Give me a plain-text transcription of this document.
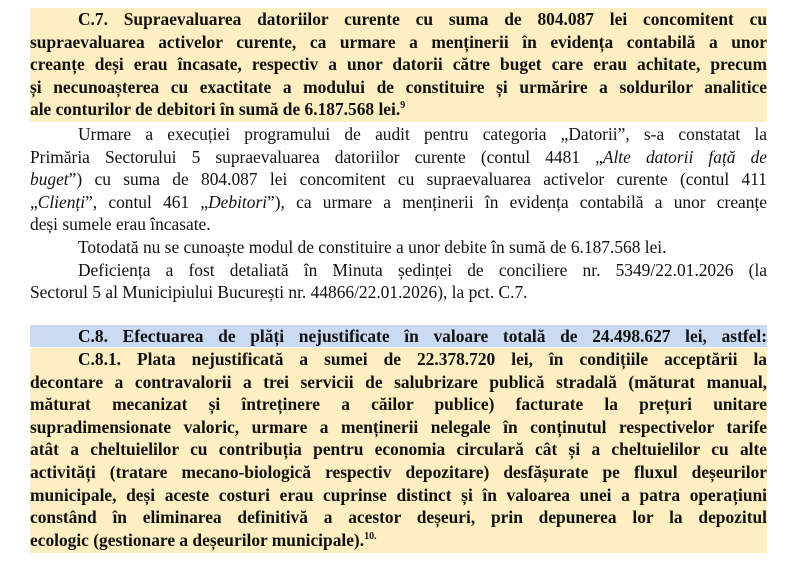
C.7. Supraevaluarea datoriilor curente cu suma de 804.087 lei concomitent cu
supraevaluarea activelor curente, ca urmare a menținerii în evidența contabilă a unor
creanțe deși erau încasate, respectiv a unor datorii către buget care erau achitate, precum
și necunoașterea cu exactitate a modului de constituire și urmărire a soldurilor analitice
ale conturilor de debitori în sumă de 6.187.568 lei.$^9$
Urmare a execuției programului de audit pentru categoria „Datorii”, s-a constatat la
Primăria Sectorului 5 supraevaluarea datoriilor curente (contul 4481 „Alte datorii față de
buget”) cu suma de 804.087 lei concomitent cu supraevaluarea activelor curente (contul 411
„Clienți”, contul 461 „Debitori”), ca urmare a menținerii în evidența contabilă a unor creanțe
deși sumele erau încasate.
Totodată nu se cunoaște modul de constituire a unor debite în sumă de 6.187.568 lei.
Deficiența a fost detaliată în Minuta ședinței de conciliere nr. 5349/22.01.2026 (la
Sectorul 5 al Municipiului București nr. 44866/22.01.2026), la pct. C.7.
C.8. Efectuarea de plăți nejustificate în valoare totală de 24.498.627 lei, astfel:
C.8.1. Plata nejustificată a sumei de 22.378.720 lei, în condițiile acceptării la
decontare a contravalorii a trei servicii de salubrizare publică stradală (măturat manual,
măturat mecanizat și întreținere a căilor publice) facturate la prețuri unitare
supradimensionate valoric, urmare a menținerii nelegale în conținutul respectivelor tarife
atât a cheltuielilor cu contribuția pentru economia circulară cât și a cheltuielilor cu alte
activități (tratare mecano-biologică respectiv depozitare) desfășurate pe fluxul deșeurilor
municipale, deși aceste costuri erau cuprinse distinct și în valoarea unei a patra operațiuni
constând în eliminarea definitivă a acestor deșeuri, prin depunerea lor la depozitul
ecologic (gestionare a deșeurilor municipale).$^{10.}$
